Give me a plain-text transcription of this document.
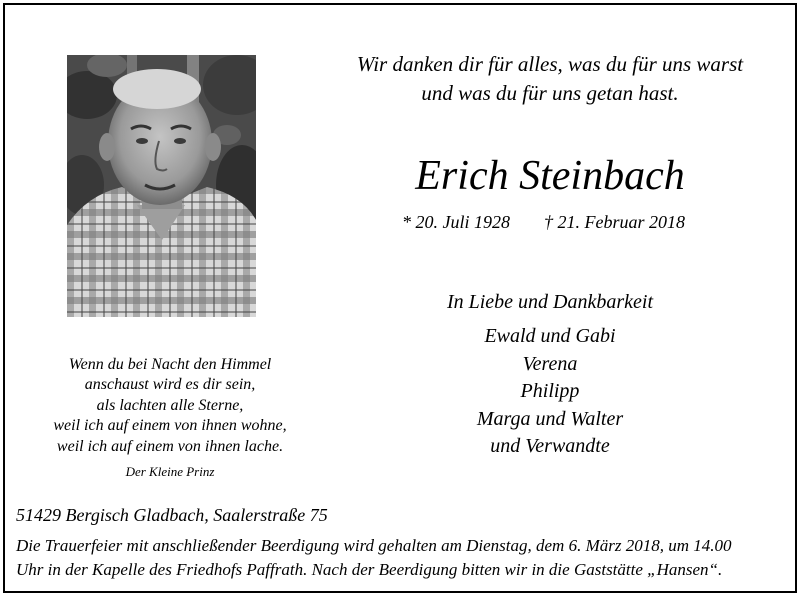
Wir danken dir für alles, was du für uns warst
und was du für uns getan hast.
Erich Steinbach
* 20. Juli 1928 † 21. Februar 2018
In Liebe und Dankbarkeit
Ewald und Gabi
Verena
Philipp
Marga und Walter
und Verwandte
Wenn du bei Nacht den Himmel
anschaust wird es dir sein,
als lachten alle Sterne,
weil ich auf einem von ihnen wohne,
weil ich auf einem von ihnen lache.
Der Kleine Prinz
51429 Bergisch Gladbach, Saalerstraße 75
Die Trauerfeier mit anschließender Beerdigung wird gehalten am Dienstag, dem 6. März 2018, um 14.00
Uhr in der Kapelle des Friedhofs Paffrath. Nach der Beerdigung bitten wir in die Gaststätte „Hansen“.
